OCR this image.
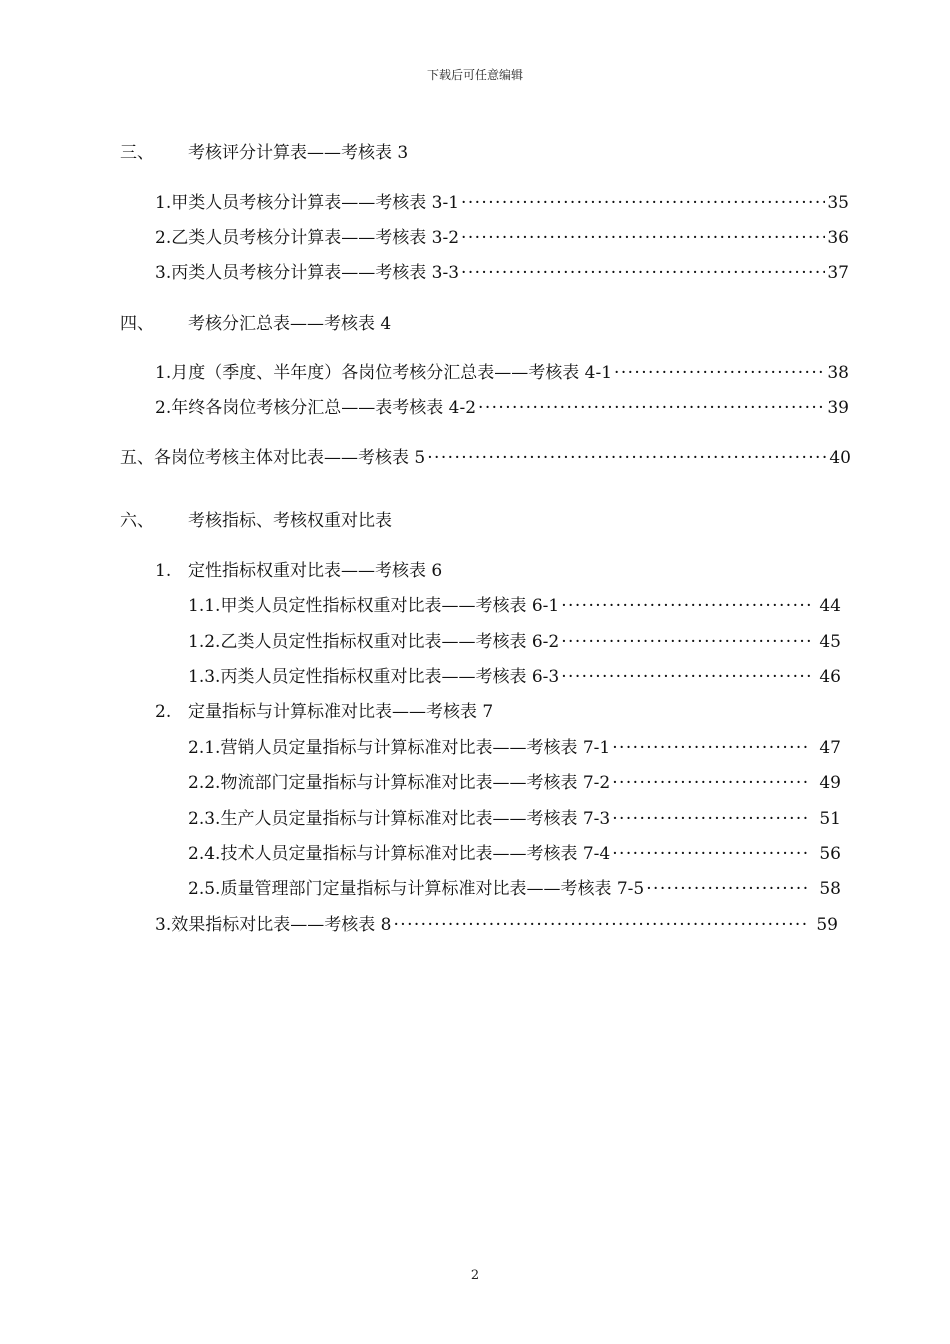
下载后可任意编辑
三、	考核评分计算表——考核表 3
1. 甲类人员考核分计算表——考核表 3-1 ·····	35
2. 乙类人员考核分计算表——考核表 3-2 ·····	36
3. 丙类人员考核分计算表——考核表 3-3 ·····	37
四、	考核分汇总表——考核表 4
1. 月度（季度、半年度）各岗位考核分汇总表——考核表 4-1 ·····	38
2. 年终各岗位考核分汇总——表考核表 4-2 ·····	39
五、 各岗位考核主体对比表——考核表 5 ·····	40
六、	考核指标、考核权重对比表
1. 定性指标权重对比表——考核表 6
1.1. 甲类人员定性指标权重对比表——考核表 6-1 ·····	44
1.2. 乙类人员定性指标权重对比表——考核表 6-2 ·····	45
1.3. 丙类人员定性指标权重对比表——考核表 6-3 ·····	46
2. 定量指标与计算标准对比表——考核表 7
2.1. 营销人员定量指标与计算标准对比表——考核表 7-1 ·····	47
2.2. 物流部门定量指标与计算标准对比表——考核表 7-2 ·····	49
2.3. 生产人员定量指标与计算标准对比表——考核表 7-3 ·····	51
2.4. 技术人员定量指标与计算标准对比表——考核表 7-4 ·····	56
2.5. 质量管理部门定量指标与计算标准对比表——考核表 7-5 ·····	58
3. 效果指标对比表——考核表 8 ·····	59
2
